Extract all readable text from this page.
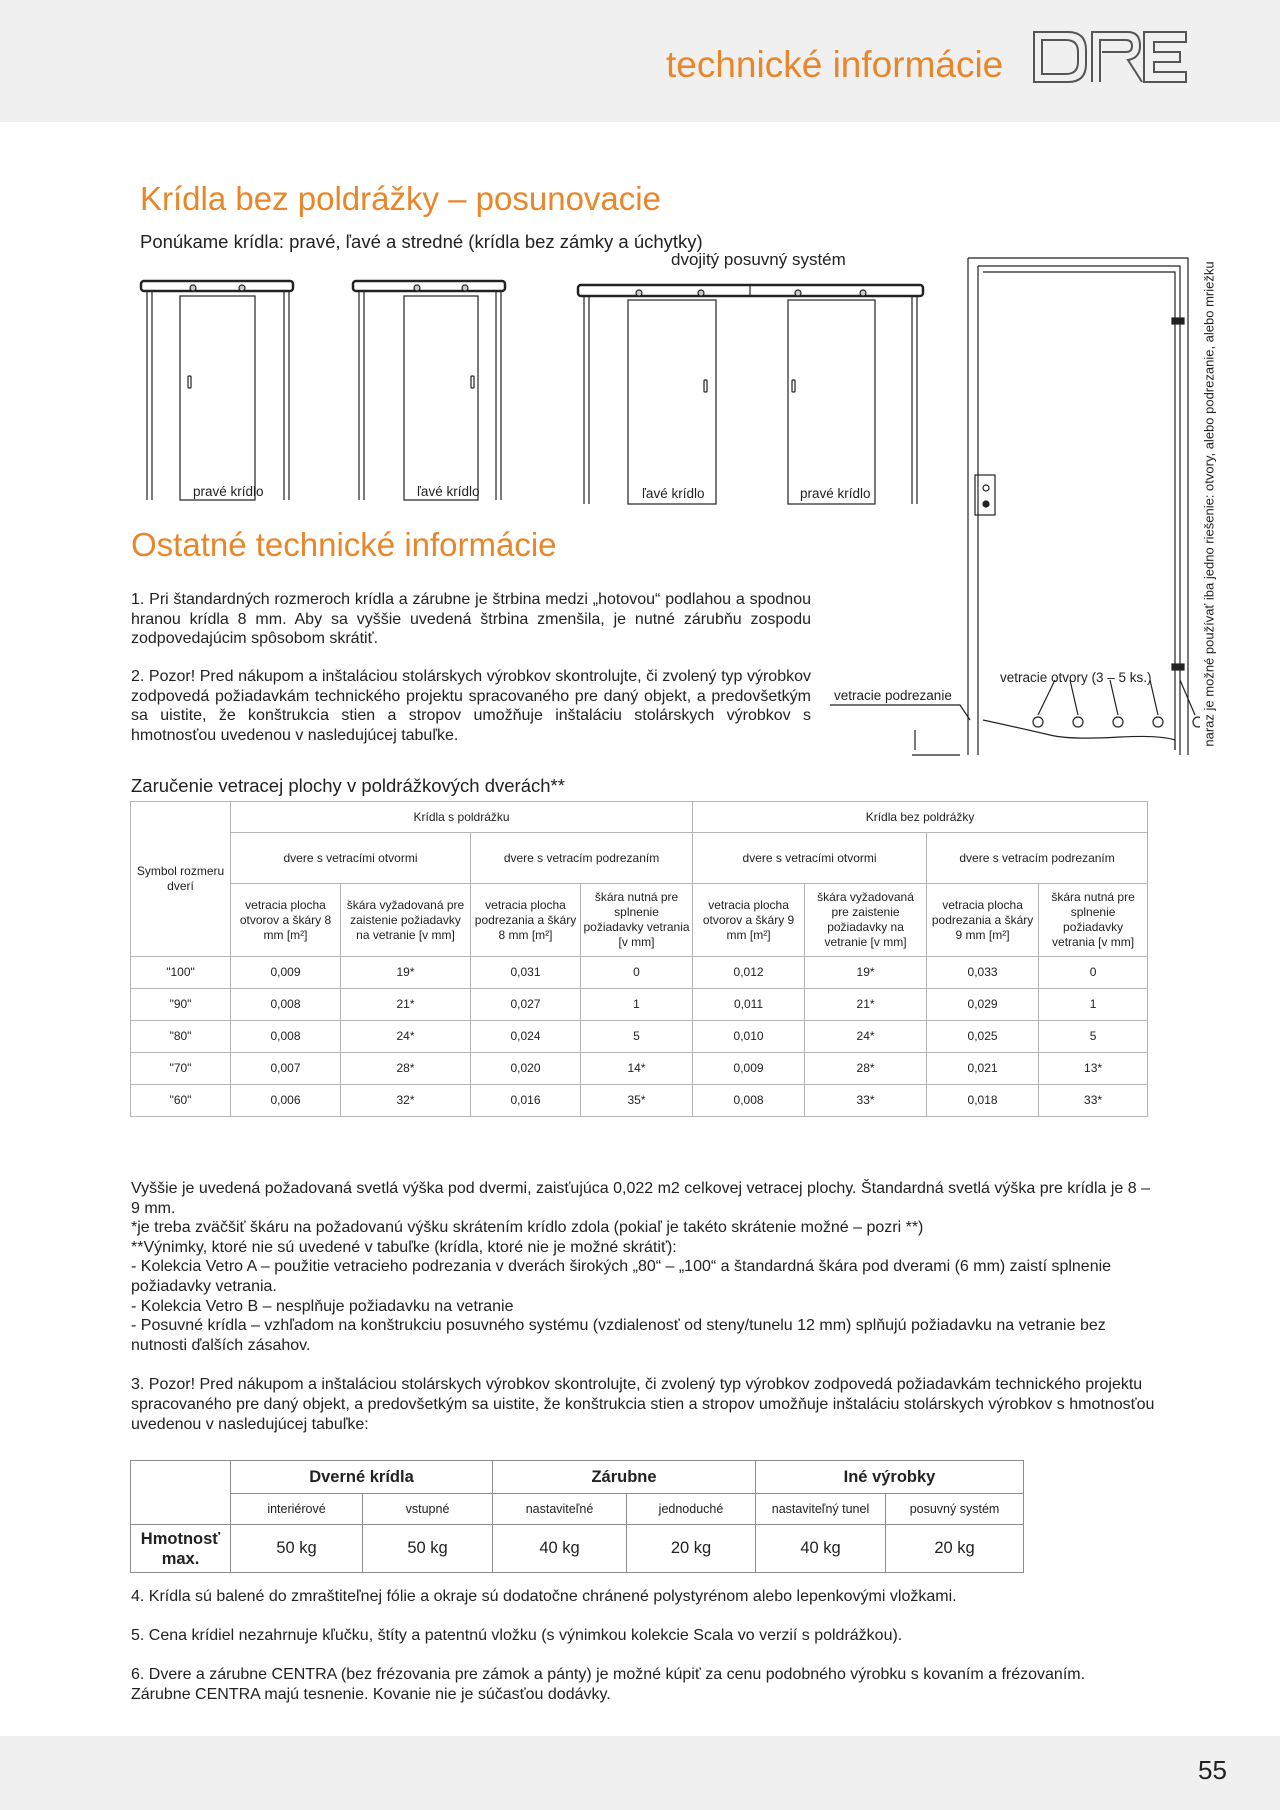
technické informácie
Krídla bez poldrážky – posunovacie
Ponúkame krídla: pravé, ľavé a stredné (krídla bez zámky a úchytky)
dvojitý posuvný systém
pravé krídlo	ľavé krídlo	ľavé krídlo	pravé krídlo
vetracie podrezanie
vetracie otvory (3 – 5 ks.)	naraz je možné používať iba jedno riešenie: otvory, alebo podrezanie, alebo mriežku
Ostatné technické informácie
1. Pri štandardných rozmeroch krídla a zárubne je štrbina medzi „hotovou“ podlahou a spodnou hranou krídla 8 mm. Aby sa vyššie uvedená štrbina zmenšila, je nutné zárubňu zospodu zodpovedajúcim spôsobom skrátiť.
2. Pozor! Pred nákupom a inštaláciou stolárskych výrobkov skontrolujte, či zvolený typ výrobkov zodpovedá požiadavkám technického projektu spracovaného pre daný objekt, a predovšetkým sa uistite, že konštrukcia stien a stropov umožňuje inštaláciu stolárskych výrobkov s hmotnosťou uvedenou v nasledujúcej tabuľke.
Zaručenie vetracej plochy v poldrážkových dverách**
Symbol rozmeru dverí	Krídla s poldrážku				Krídla bez poldrážky			
	dvere s vetracími otvormi		dvere s vetracím podrezaním		dvere s vetracími otvormi		dvere s vetracím podrezaním	
	vetracia plocha otvorov a škáry 8 mm [m²]	škára vyžadovaná pre zaistenie požiadavky na vetranie [v mm]	vetracia plocha podrezania a škáry 8 mm [m²]	škára nutná pre splnenie požiadavky vetrania [v mm]	vetracia plocha otvorov a škáry 9 mm [m²]	škára vyžadovaná pre zaistenie požiadavky na vetranie [v mm]	vetracia plocha podrezania a škáry 9 mm [m²]	škára nutná pre splnenie požiadavky vetrania [v mm]
"100"	0,009	19*	0,031	0	0,012	19*	0,033	0
"90"	0,008	21*	0,027	1	0,011	21*	0,029	1
"80"	0,008	24*	0,024	5	0,010	24*	0,025	5
"70"	0,007	28*	0,020	14*	0,009	28*	0,021	13*
"60"	0,006	32*	0,016	35*	0,008	33*	0,018	33*

Vyššie je uvedená požadovaná svetlá výška pod dvermi, zaisťujúca 0,022 m2 celkovej vetracej plochy. Štandardná svetlá výška pre krídla je 8 – 9 mm.

*je treba zväčšiť škáru na požadovanú výšku skrátením krídlo zdola (pokiaľ je takéto skrátenie možné – pozri **)

**Výnimky, ktoré nie sú uvedené v tabuľke (krídla, ktoré nie je možné skrátiť):

- Kolekcia Vetro A – použitie vetracieho podrezania v dverách širokých „80“ – „100“ a štandardná škára pod dverami (6 mm) zaistí splnenie požiadavky vetrania.

- Kolekcia Vetro B – nesplňuje požiadavku na vetranie

- Posuvné krídla – vzhľadom na konštrukciu posuvného systému (vzdialenosť od steny/tunelu 12 mm) splňujú požiadavku na vetranie bez nutnosti ďalších zásahov.

3. Pozor! Pred nákupom a inštaláciou stolárskych výrobkov skontrolujte, či zvolený typ výrobkov zodpovedá požiadavkám technického projektu spracovaného pre daný objekt, a predovšetkým sa uistite, že konštrukcia stien a stropov umožňuje inštaláciu stolárskych výrobkov s hmotnosťou uvedenou v nasledujúcej tabuľke:

	Dverné krídla		Zárubne		Iné výrobky	
	interiérové	vstupné	nastaviteľné	jednoduché	nastaviteľný tunel	posuvný systém
Hmotnosť max.	50 kg	50 kg	40 kg	20 kg	40 kg	20 kg
4. Krídla sú balené do zmraštiteľnej fólie a okraje sú dodatočne chránené polystyrénom alebo lepenkovými vložkami.
5. Cena krídiel nezahrnuje kľučku, štíty a patentnú vložku (s výnimkou kolekcie Scala vo verzií s poldrážkou).
6. Dvere a zárubne CENTRA (bez frézovania pre zámok a pánty) je možné kúpiť za cenu podobného výrobku s kovaním a frézovaním.
Zárubne CENTRA majú tesnenie. Kovanie nie je súčasťou dodávky.
55
